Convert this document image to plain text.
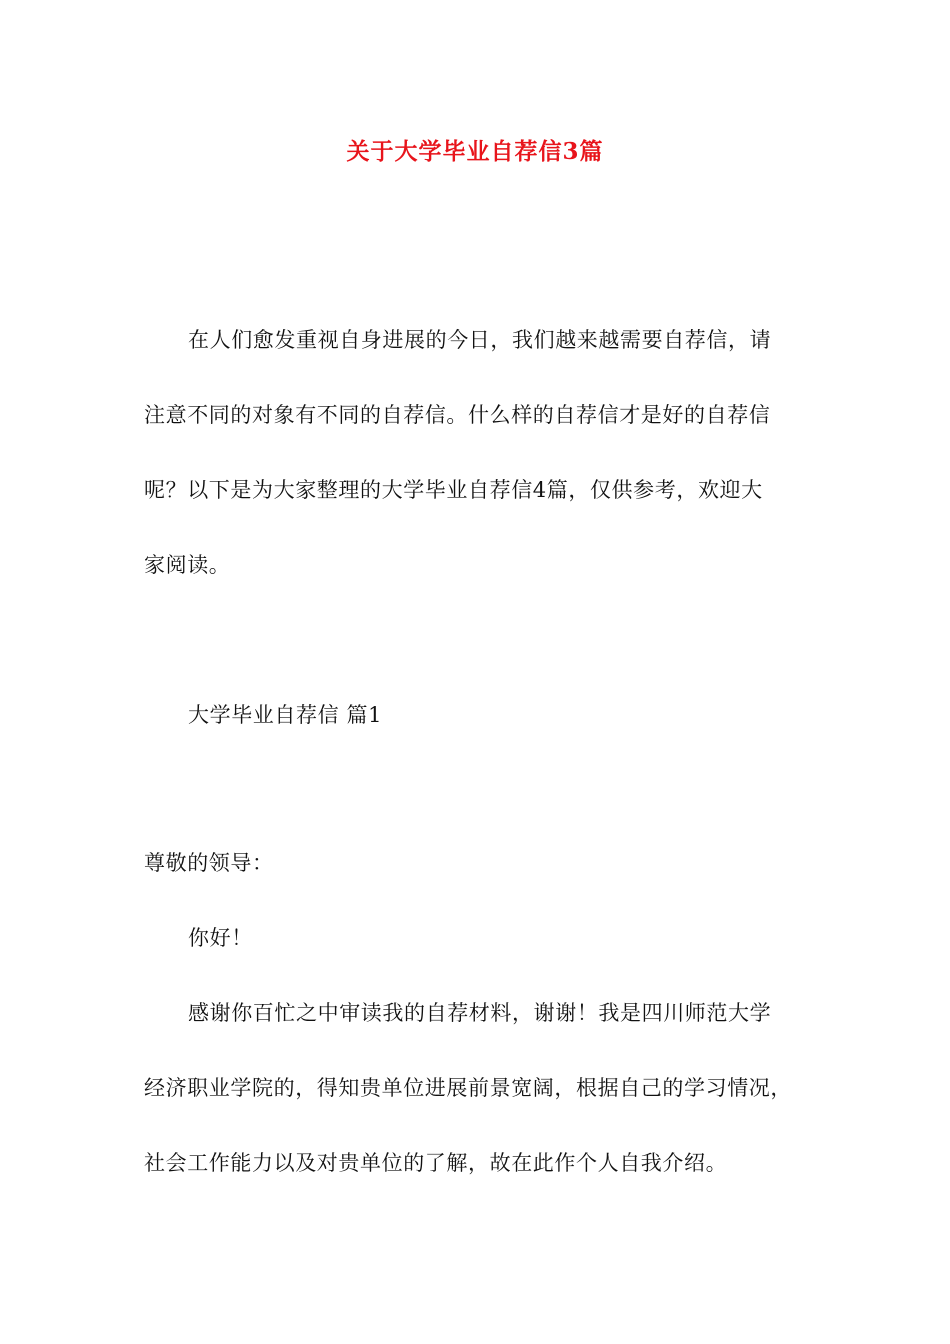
关于大学毕业自荐信3篇
在人们愈发重视自身进展的今日，我们越来越需要自荐信，请
注意不同的对象有不同的自荐信。什么样的自荐信才是好的自荐信
呢？以下是为大家整理的大学毕业自荐信4篇，仅供参考，欢迎大
家阅读。
大学毕业自荐信 篇1
尊敬的领导：
你好！
感谢你百忙之中审读我的自荐材料，谢谢！我是四川师范大学
经济职业学院的，得知贵单位进展前景宽阔，根据自己的学习情况，
社会工作能力以及对贵单位的了解，故在此作个人自我介绍。
